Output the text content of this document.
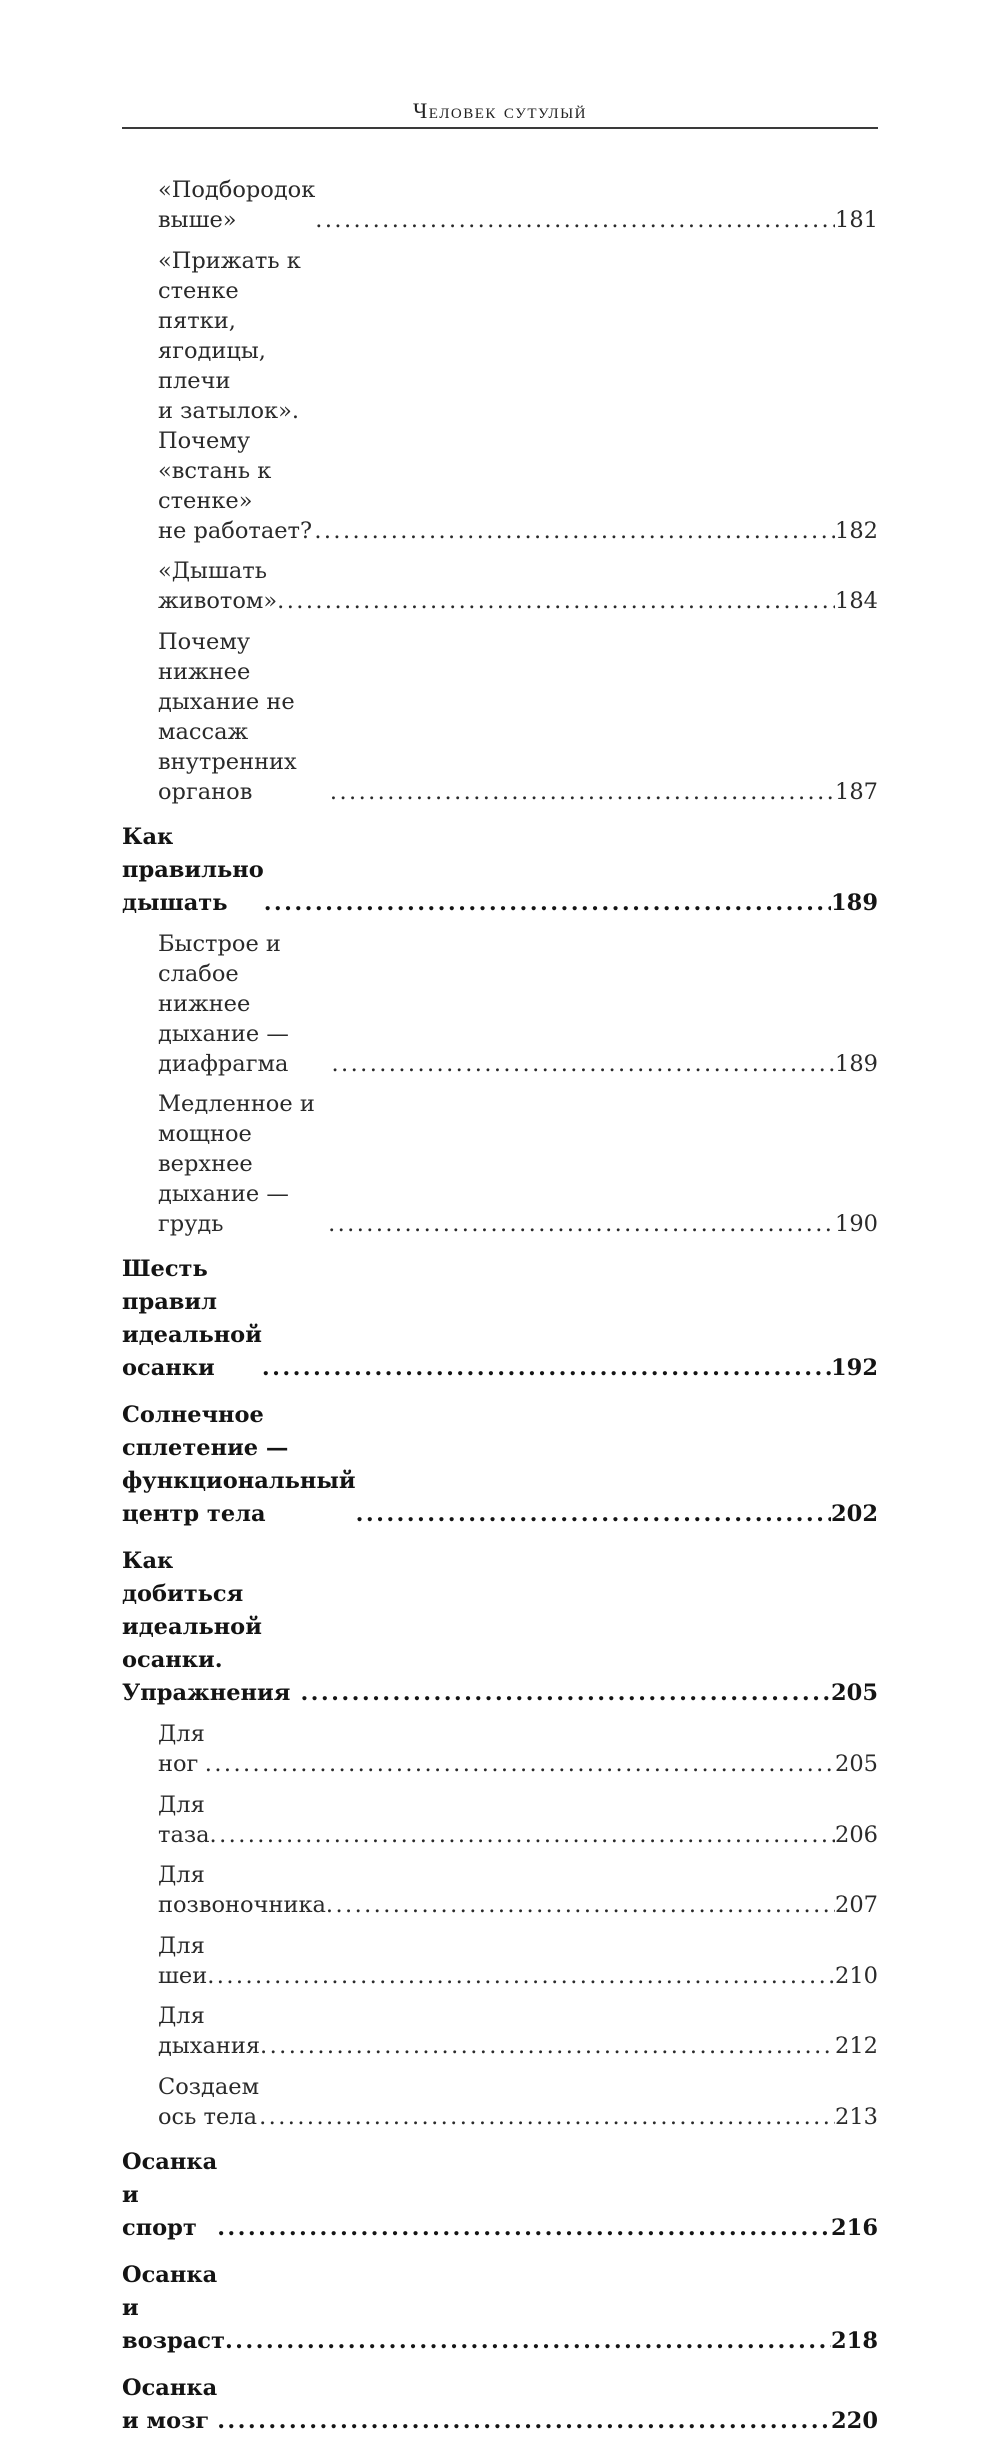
Человек сутулый
«Подбородок выше» .....	181
«Прижать к стенке пятки, ягодицы, плечи
и затылок». Почему «встань к стенке»
не работает? .....	182
«Дышать животом» .....	184
Почему нижнее дыхание не массаж внутренних
органов .....	187
Как правильно дышать .....	189
Быстрое и слабое нижнее дыхание — диафрагма .....	189
Медленное и мощное верхнее дыхание — грудь .....	190
Шесть правил идеальной осанки .....	192
Солнечное сплетение — функциональный
центр тела .....	202
Как добиться идеальной осанки. Упражнения .....	205
Для ног .....	205
Для таза .....	206
Для позвоночника .....	207
Для шеи .....	210
Для дыхания .....	212
Создаем ось тела .....	213
Осанка и спорт .....	216
Осанка и возраст .....	218
Осанка и мозг .....	220
